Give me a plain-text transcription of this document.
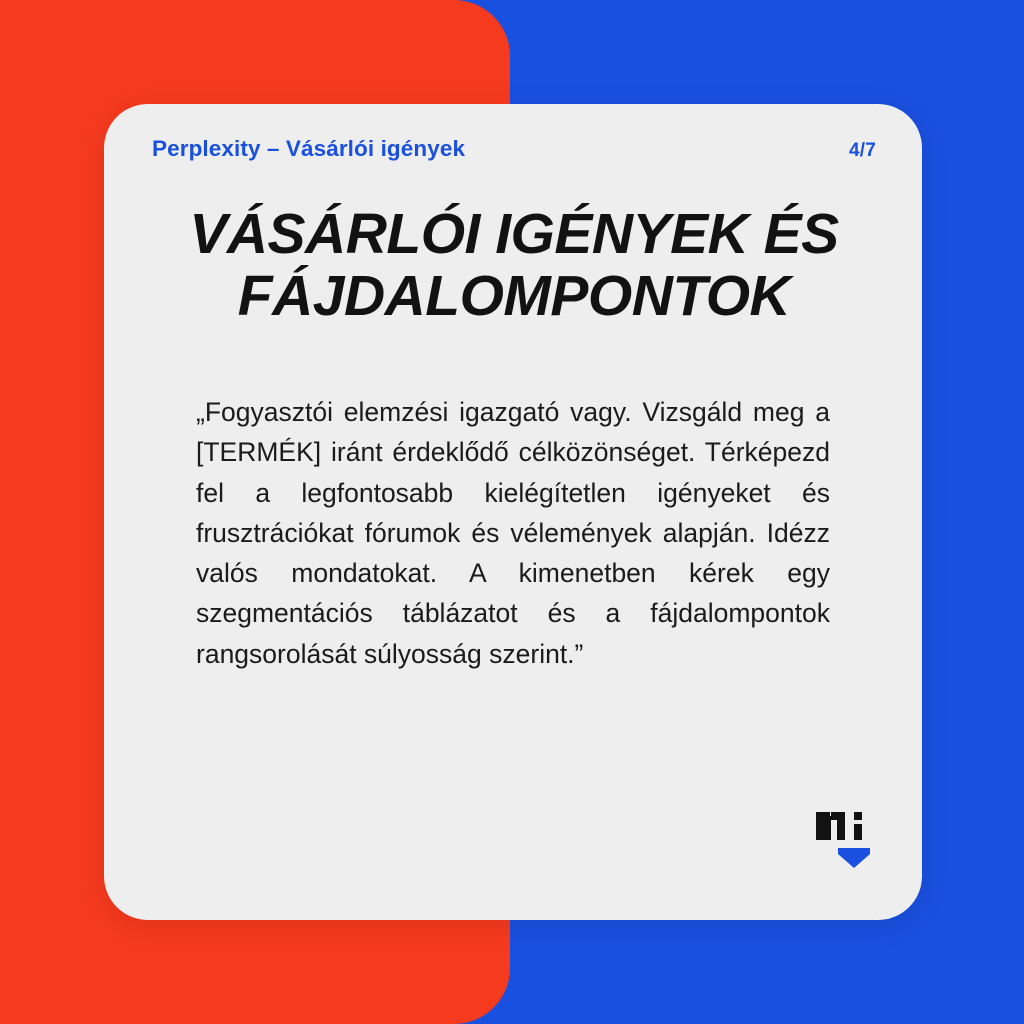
Perplexity – Vásárlói igények	4/7
VÁSÁRLÓI IGÉNYEK ÉS FÁJDALOMPONTOK
„Fogyasztói elemzési igazgató vagy. Vizsgáld meg a [TERMÉK] iránt érdeklődő célközönséget. Térképezd fel a legfontosabb kielégítetlen igényeket és frusztrációkat fórumok és vélemények alapján. Idézz valós mondatokat. A kimenetben kérek egy szegmentációs táblázatot és a fájdalompontok rangsorolását súlyosság szerint.”
